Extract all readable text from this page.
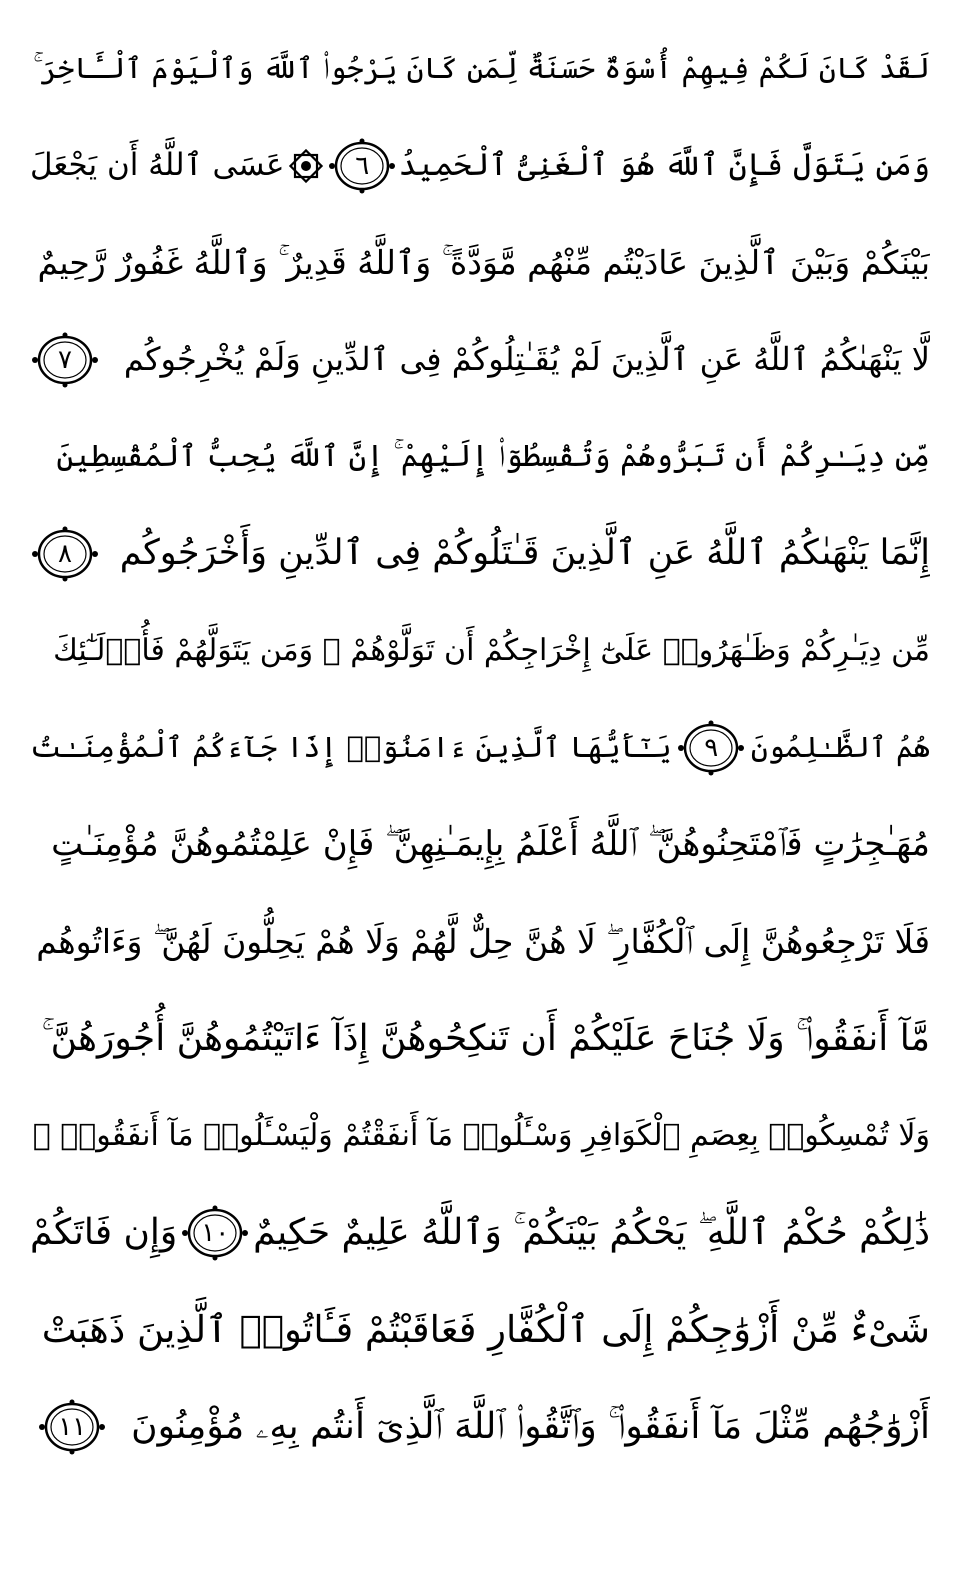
لَقَدْ كَانَ لَكُمْ فِيهِمْ أُسْوَةٌ حَسَنَةٌ لِّمَن كَانَ يَرْجُوا۟ ٱللَّهَ وَٱلْيَوْمَ ٱلْـَٔاخِرَ ۚ
وَمَن يَتَوَلَّ فَإِنَّ ٱللَّهَ هُوَ ٱلْغَنِىُّ ٱلْحَمِيدُ
٦
عَسَى ٱللَّهُ أَن يَجْعَلَ
بَيْنَكُمْ وَبَيْنَ ٱلَّذِينَ عَادَيْتُم مِّنْهُم مَّوَدَّةً ۚ وَٱللَّهُ قَدِيرٌ ۚ وَٱللَّهُ غَفُورٌ رَّحِيمٌ
لَّا يَنْهَىٰكُمُ ٱللَّهُ عَنِ ٱلَّذِينَ لَمْ يُقَـٰتِلُوكُمْ فِى ٱلدِّينِ وَلَمْ يُخْرِجُوكُم
٧
مِّن دِيَـٰرِكُمْ أَن تَبَرُّوهُمْ وَتُقْسِطُوٓا۟ إِلَيْهِمْ ۚ إِنَّ ٱللَّهَ يُحِبُّ ٱلْمُقْسِطِينَ
إِنَّمَا يَنْهَىٰكُمُ ٱللَّهُ عَنِ ٱلَّذِينَ قَـٰتَلُوكُمْ فِى ٱلدِّينِ وَأَخْرَجُوكُم
٨
مِّن دِيَـٰرِكُمْ وَظَـٰهَرُوا۟ عَلَىٰٓ إِخْرَاجِكُمْ أَن تَوَلَّوْهُمْ ۚ وَمَن يَتَوَلَّهُمْ فَأُو۟لَـٰٓئِكَ
هُمُ ٱلظَّـٰلِمُونَ
٩
يَـٰٓأَيُّهَا ٱلَّذِينَ ءَامَنُوٓا۟ إِذَا جَآءَكُمُ ٱلْمُؤْمِنَـٰتُ
مُهَـٰجِرَٰتٍ فَٱمْتَحِنُوهُنَّ ۖ ٱللَّهُ أَعْلَمُ بِإِيمَـٰنِهِنَّ ۖ فَإِنْ عَلِمْتُمُوهُنَّ مُؤْمِنَـٰتٍ
فَلَا تَرْجِعُوهُنَّ إِلَى ٱلْكُفَّارِ ۖ لَا هُنَّ حِلٌّ لَّهُمْ وَلَا هُمْ يَحِلُّونَ لَهُنَّ ۖ وَءَاتُوهُم
مَّآ أَنفَقُوا۟ ۚ وَلَا جُنَاحَ عَلَيْكُمْ أَن تَنكِحُوهُنَّ إِذَآ ءَاتَيْتُمُوهُنَّ أُجُورَهُنَّ ۚ
وَلَا تُمْسِكُوا۟ بِعِصَمِ ٱلْكَوَافِرِ وَسْـَٔلُوا۟ مَآ أَنفَقْتُمْ وَلْيَسْـَٔلُوا۟ مَآ أَنفَقُوا۟ ۚ
ذَٰلِكُمْ حُكْمُ ٱللَّهِ ۖ يَحْكُمُ بَيْنَكُمْ ۚ وَٱللَّهُ عَلِيمٌ حَكِيمٌ
١٠
وَإِن فَاتَكُمْ
شَىْءٌ مِّنْ أَزْوَٰجِكُمْ إِلَى ٱلْكُفَّارِ فَعَاقَبْتُمْ فَـَٔاتُوا۟ ٱلَّذِينَ ذَهَبَتْ
أَزْوَٰجُهُم مِّثْلَ مَآ أَنفَقُوا۟ ۚ وَٱتَّقُوا۟ ٱللَّهَ ٱلَّذِىٓ أَنتُم بِهِۦ مُؤْمِنُونَ
١١
